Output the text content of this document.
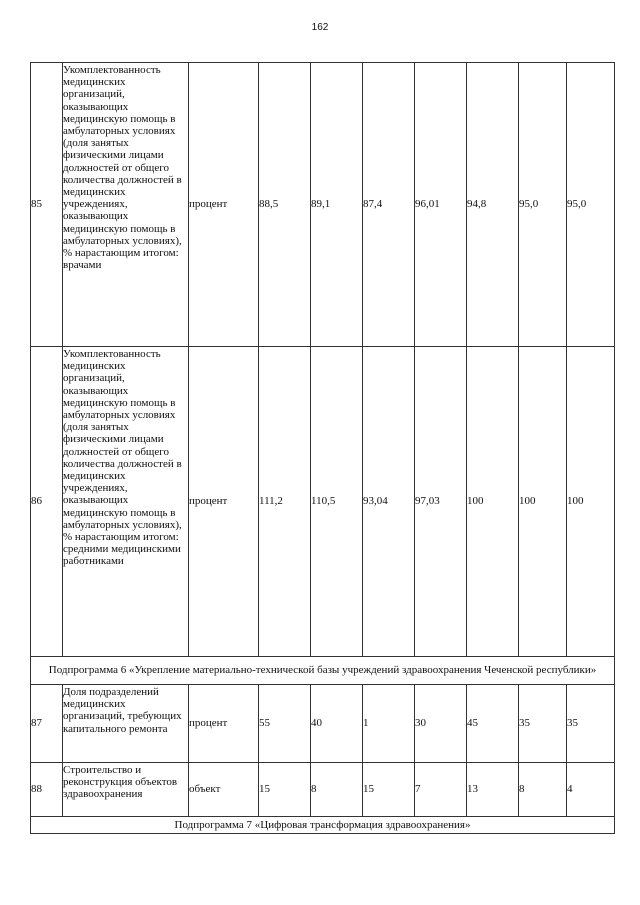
162
85	Укомплектованность медицинских организаций, оказывающих медицинскую помощь в амбулаторных условиях (доля занятых физическими лицами должностей от общего количества должностей в медицинских учреждениях, оказывающих медицинскую помощь в амбулаторных условиях), % нарастающим итогом: врачами	процент	88,5	89,1	87,4	96,01	94,8	95,0	95,0
86	Укомплектованность медицинских организаций, оказывающих медицинскую помощь в амбулаторных условиях (доля занятых физическими лицами должностей от общего количества должностей в медицинских учреждениях, оказывающих медицинскую помощь в амбулаторных условиях), % нарастающим итогом: средними медицинскими работниками	процент	111,2	110,5	93,04	97,03	100	100	100
Подпрограмма 6 «Укрепление материально-технической базы учреждений здравоохранения Чеченской республики»									
87	Доля подразделений медицинских организаций, требующих капитального ремонта	процент	55	40	1	30	45	35	35
88	Строительство и реконструкция объектов здравоохранения	объект	15	8	15	7	13	8	4
Подпрограмма 7 «Цифровая трансформация здравоохранения»									
